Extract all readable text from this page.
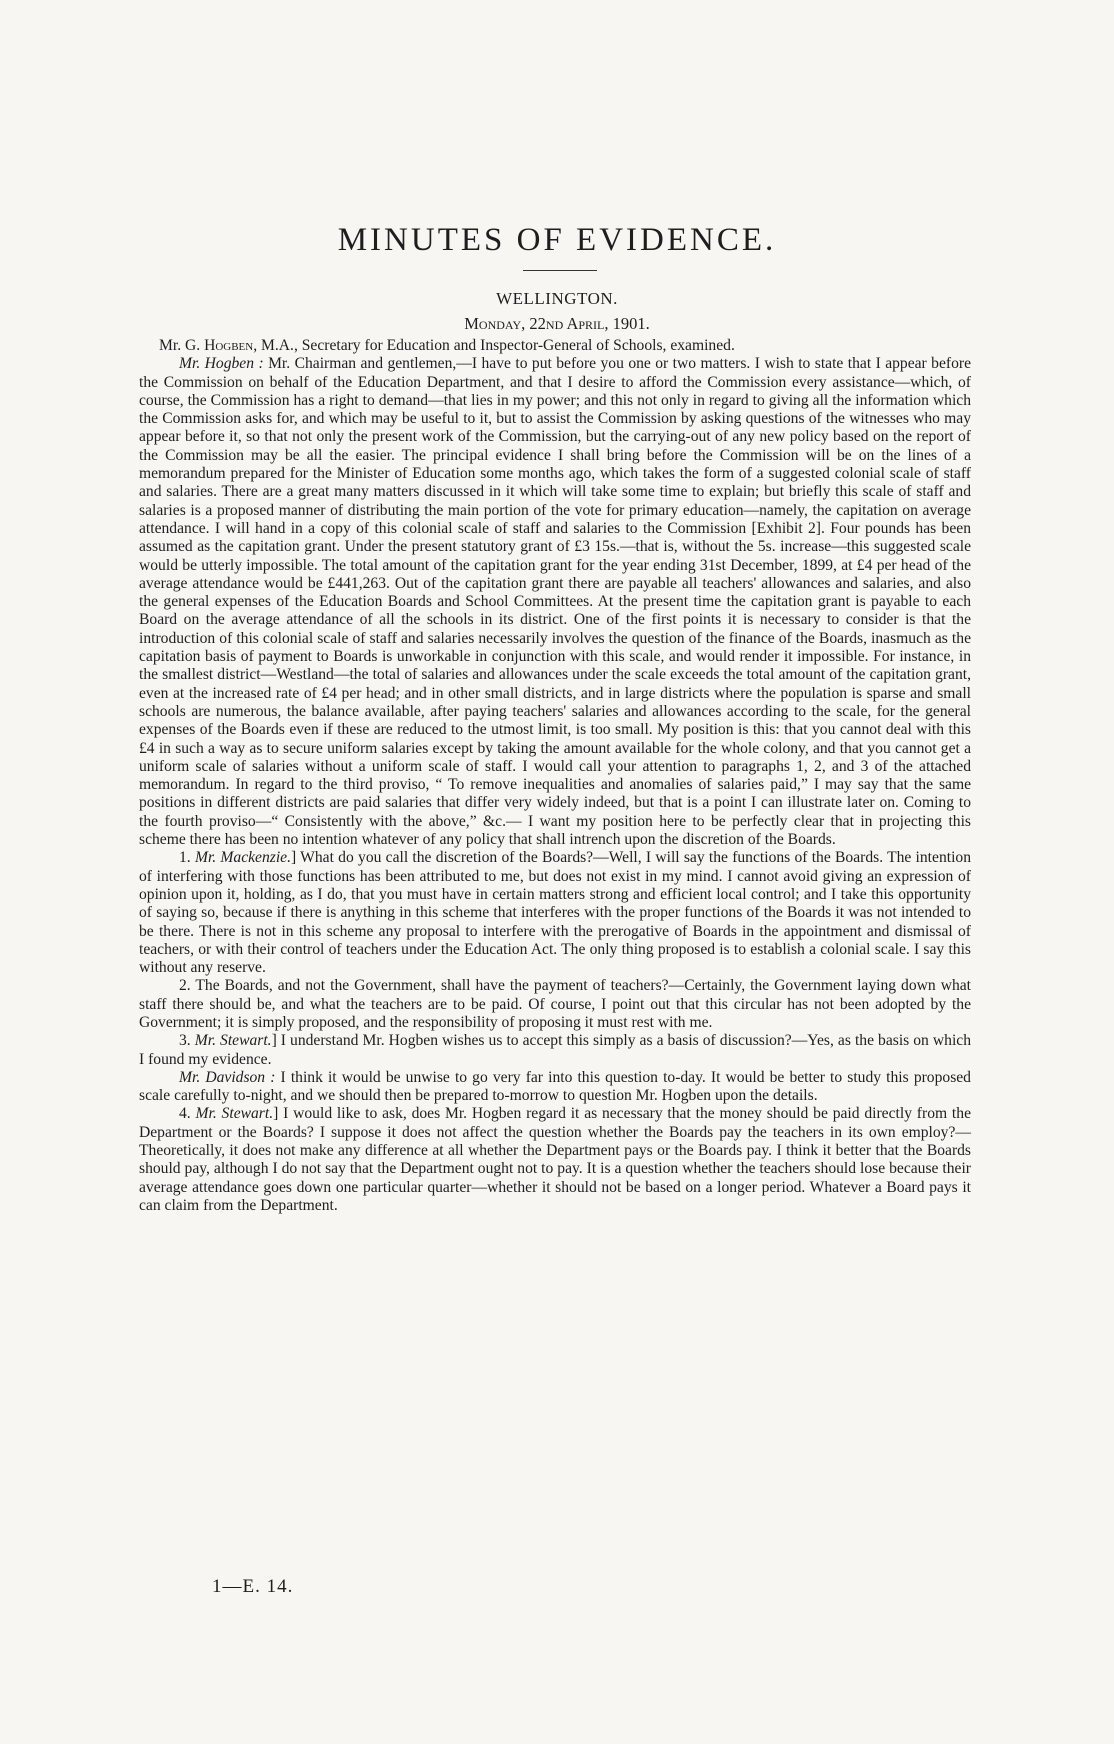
MINUTES OF EVIDENCE.
WELLINGTON.
Monday, 22nd April, 1901.

Mr. G. Hogben, M.A., Secretary for Education and Inspector-General of Schools, examined.

Mr. Hogben : Mr. Chairman and gentlemen,—I have to put before you one or two matters. I wish to state that I appear before the Commission on behalf of the Education Department, and that I desire to afford the Commission every assistance—which, of course, the Commission has a right to demand—that lies in my power; and this not only in regard to giving all the information which the Commission asks for, and which may be useful to it, but to assist the Commission by asking questions of the witnesses who may appear before it, so that not only the present work of the Commission, but the carrying-out of any new policy based on the report of the Commission may be all the easier. The principal evidence I shall bring before the Commission will be on the lines of a memorandum prepared for the Minister of Education some months ago, which takes the form of a suggested colonial scale of staff and salaries. There are a great many matters discussed in it which will take some time to explain; but briefly this scale of staff and salaries is a proposed manner of distributing the main portion of the vote for primary education—namely, the capitation on average attendance. I will hand in a copy of this colonial scale of staff and salaries to the Commission [Exhibit 2]. Four pounds has been assumed as the capitation grant. Under the present statutory grant of £3 15s.—that is, without the 5s. increase—this suggested scale would be utterly impossible. The total amount of the capitation grant for the year ending 31st December, 1899, at £4 per head of the average attendance would be £441,263. Out of the capitation grant there are payable all teachers' allowances and salaries, and also the general expenses of the Education Boards and School Committees. At the present time the capitation grant is payable to each Board on the average attendance of all the schools in its district. One of the first points it is necessary to consider is that the introduction of this colonial scale of staff and salaries necessarily involves the question of the finance of the Boards, inasmuch as the capitation basis of payment to Boards is unworkable in conjunction with this scale, and would render it impossible. For instance, in the smallest district—Westland—the total of salaries and allowances under the scale exceeds the total amount of the capitation grant, even at the increased rate of £4 per head; and in other small districts, and in large districts where the population is sparse and small schools are numerous, the balance available, after paying teachers' salaries and allowances according to the scale, for the general expenses of the Boards even if these are reduced to the utmost limit, is too small. My position is this: that you cannot deal with this £4 in such a way as to secure uniform salaries except by taking the amount available for the whole colony, and that you cannot get a uniform scale of salaries without a uniform scale of staff. I would call your attention to paragraphs 1, 2, and 3 of the attached memorandum. In regard to the third proviso, “ To remove inequalities and anomalies of salaries paid,” I may say that the same positions in different districts are paid salaries that differ very widely indeed, but that is a point I can illustrate later on. Coming to the fourth proviso—“ Consistently with the above,” &c.— I want my position here to be perfectly clear that in projecting this scheme there has been no intention whatever of any policy that shall intrench upon the discretion of the Boards.

1. Mr. Mackenzie.] What do you call the discretion of the Boards?—Well, I will say the functions of the Boards. The intention of interfering with those functions has been attributed to me, but does not exist in my mind. I cannot avoid giving an expression of opinion upon it, holding, as I do, that you must have in certain matters strong and efficient local control; and I take this opportunity of saying so, because if there is anything in this scheme that interferes with the proper functions of the Boards it was not intended to be there. There is not in this scheme any proposal to interfere with the prerogative of Boards in the appointment and dismissal of teachers, or with their control of teachers under the Education Act. The only thing proposed is to establish a colonial scale. I say this without any reserve.

2. The Boards, and not the Government, shall have the payment of teachers?—Certainly, the Government laying down what staff there should be, and what the teachers are to be paid. Of course, I point out that this circular has not been adopted by the Government; it is simply proposed, and the responsibility of proposing it must rest with me.

3. Mr. Stewart.] I understand Mr. Hogben wishes us to accept this simply as a basis of discussion?—Yes, as the basis on which I found my evidence.

Mr. Davidson : I think it would be unwise to go very far into this question to-day. It would be better to study this proposed scale carefully to-night, and we should then be prepared to-morrow to question Mr. Hogben upon the details.

4. Mr. Stewart.] I would like to ask, does Mr. Hogben regard it as necessary that the money should be paid directly from the Department or the Boards? I suppose it does not affect the question whether the Boards pay the teachers in its own employ?—Theoretically, it does not make any difference at all whether the Department pays or the Boards pay. I think it better that the Boards should pay, although I do not say that the Department ought not to pay. It is a question whether the teachers should lose because their average attendance goes down one particular quarter—whether it should not be based on a longer period. Whatever a Board pays it can claim from the Department.

1—E. 14.
